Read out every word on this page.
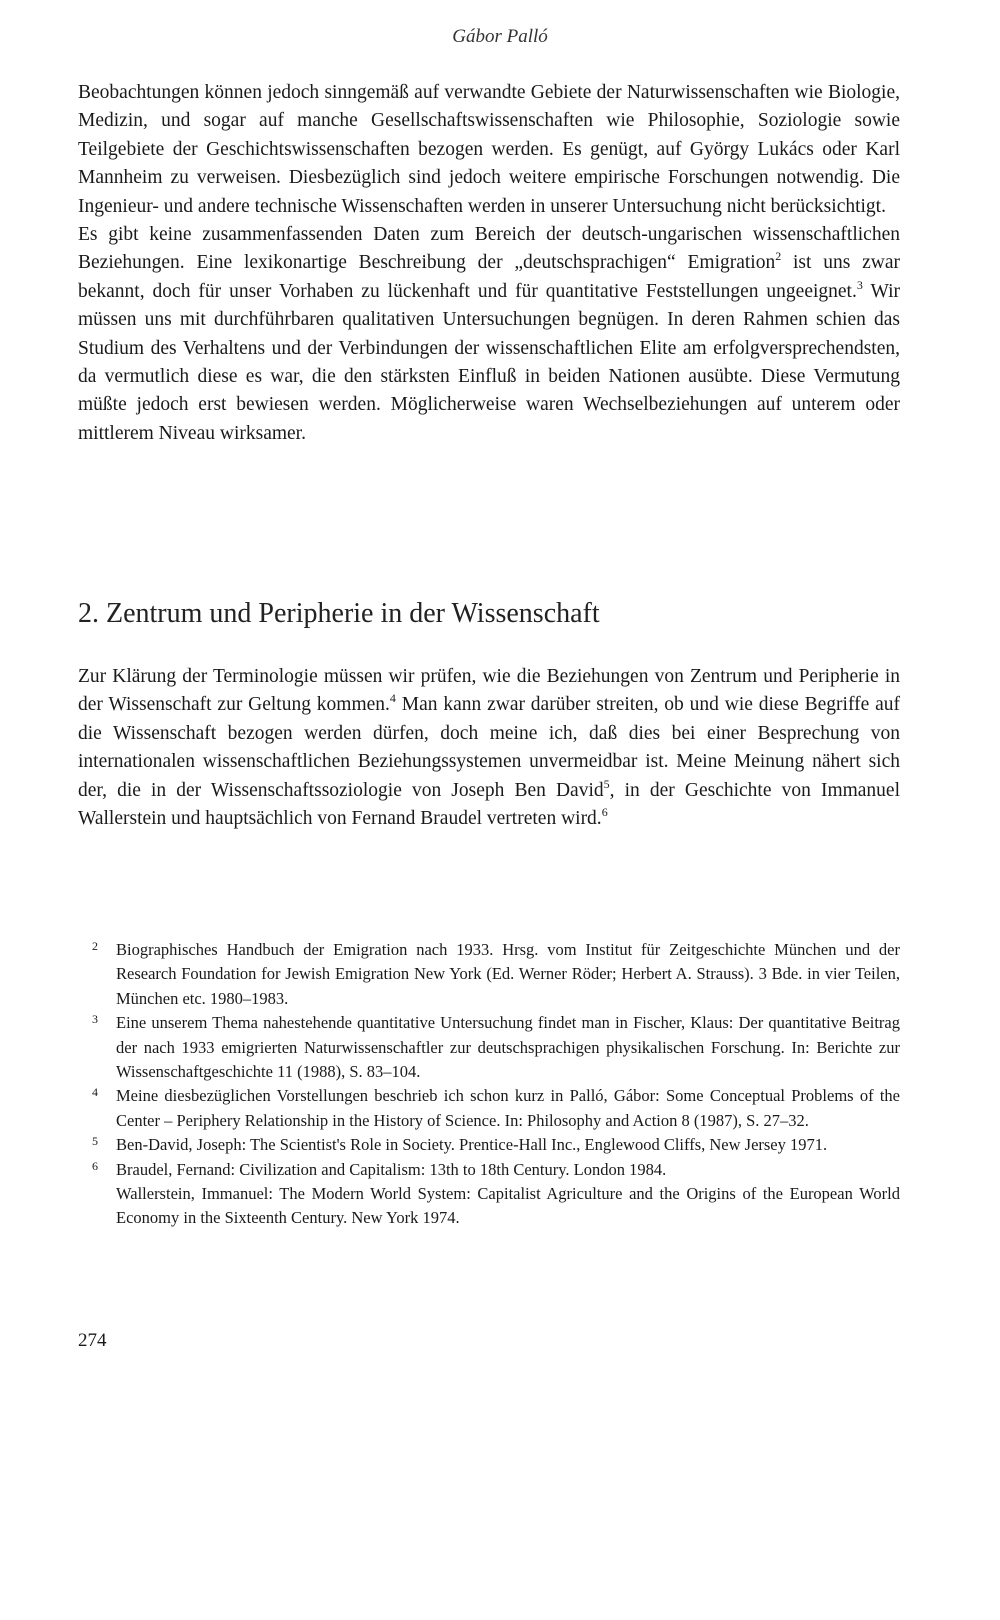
Gábor Palló

Beobachtungen können jedoch sinngemäß auf verwandte Gebiete der Naturwissenschaften wie Biologie, Medizin, und sogar auf manche Gesellschaftswissenschaften wie Philosophie, Soziologie sowie Teilgebiete der Geschichtswissenschaften bezogen werden. Es genügt, auf György Lukács oder Karl Mannheim zu verweisen. Diesbezüglich sind jedoch weitere empirische Forschungen notwendig. Die Ingenieur- und andere technische Wissenschaften werden in unserer Untersuchung nicht berücksichtigt.

Es gibt keine zusammenfassenden Daten zum Bereich der deutsch-ungarischen wissenschaftlichen Beziehungen. Eine lexikonartige Beschreibung der „deutschsprachigen“ Emigration$^2$ ist uns zwar bekannt, doch für unser Vorhaben zu lückenhaft und für quantitative Feststellungen ungeeignet.$^3$ Wir müssen uns mit durchführbaren qualitativen Untersuchungen begnügen. In deren Rahmen schien das Studium des Verhaltens und der Verbindungen der wissenschaftlichen Elite am erfolgversprechendsten, da vermutlich diese es war, die den stärksten Einfluß in beiden Nationen ausübte. Diese Vermutung müßte jedoch erst bewiesen werden. Möglicherweise waren Wechselbeziehungen auf unterem oder mittlerem Niveau wirksamer.

2. Zentrum und Peripherie in der Wissenschaft

Zur Klärung der Terminologie müssen wir prüfen, wie die Beziehungen von Zentrum und Peripherie in der Wissenschaft zur Geltung kommen.$^4$ Man kann zwar darüber streiten, ob und wie diese Begriffe auf die Wissenschaft bezogen werden dürfen, doch meine ich, daß dies bei einer Besprechung von internationalen wissenschaftlichen Beziehungssystemen unvermeidbar ist. Meine Meinung nähert sich der, die in der Wissenschaftssoziologie von Joseph Ben David$^5$, in der Geschichte von Immanuel Wallerstein und hauptsächlich von Fernand Braudel vertreten wird.$^6$

2 Biographisches Handbuch der Emigration nach 1933. Hrsg. vom Institut für Zeitgeschichte München und der Research Foundation for Jewish Emigration New York (Ed. Werner Röder; Herbert A. Strauss). 3 Bde. in vier Teilen, München etc. 1980–1983.
3 Eine unserem Thema nahestehende quantitative Untersuchung findet man in Fischer, Klaus: Der quantitative Beitrag der nach 1933 emigrierten Naturwissenschaftler zur deutschsprachigen physikalischen Forschung. In: Berichte zur Wissenschaftgeschichte 11 (1988), S. 83–104.
4 Meine diesbezüglichen Vorstellungen beschrieb ich schon kurz in Palló, Gábor: Some Conceptual Problems of the Center – Periphery Relationship in the History of Science. In: Philosophy and Action 8 (1987), S. 27–32.
5 Ben-David, Joseph: The Scientist's Role in Society. Prentice-Hall Inc., Englewood Cliffs, New Jersey 1971.
6 Braudel, Fernand: Civilization and Capitalism: 13th to 18th Century. London 1984.
Wallerstein, Immanuel: The Modern World System: Capitalist Agriculture and the Origins of the European World Economy in the Sixteenth Century. New York 1974.
274
